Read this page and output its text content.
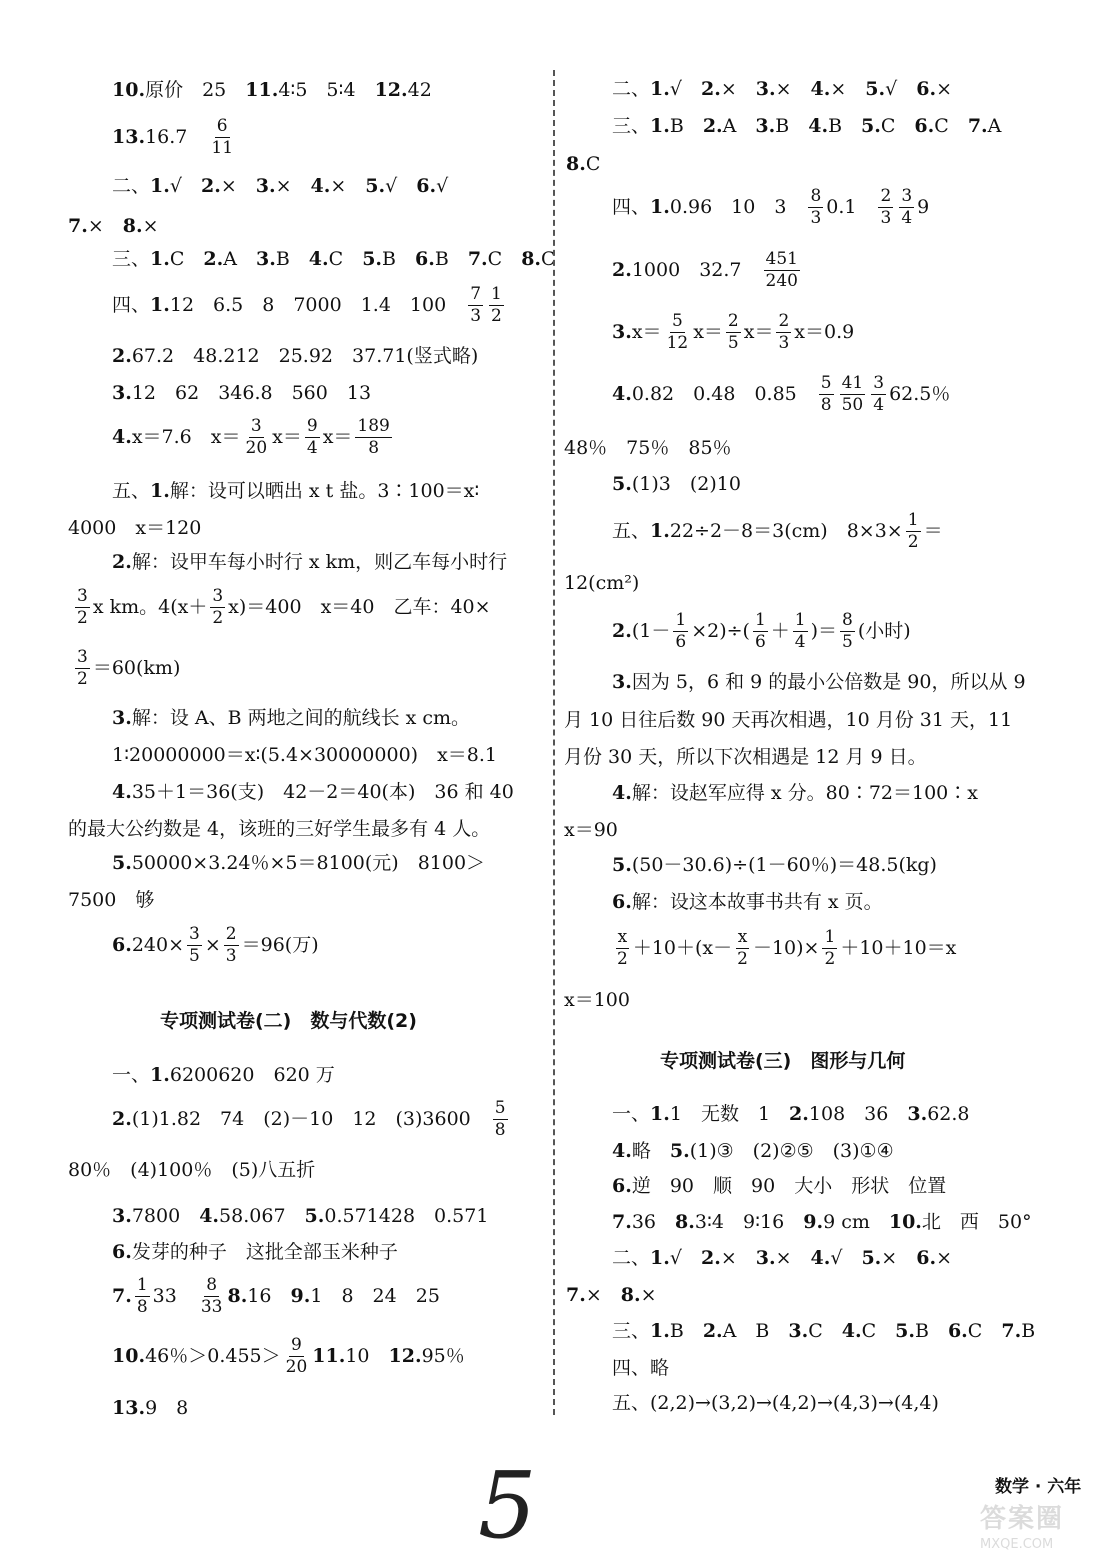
10.原价　25　11.4∶5　5∶4　12.42
13.16.7　 $\frac{6}{11}$
二、1.√　2.×　3.×　4.×　5.√　6.√
7.×　8.×
三、1.C　2.A　3.B　4.C　5.B　6.B　7.C　8.C
四、1.12　6.5　8　7000　1.4　100　 $\frac{7}{3} \frac{1}{2}$
2.67.2　48.212　25.92　37.71(竖式略)
3.12　62　346.8　560　13
4.x＝7.6　$x= \frac{3}{20} x= \frac{9}{4} x= \frac{189}{8}$
五、1.解：设可以晒出 x t 盐。3∶100＝x∶
4000　x＝120
2.解：设甲车每小时行 x km，则乙车每小时行
$\frac{3}{2}$ x km。$4(x+ \frac{3}{2} x)=400$　x＝40　乙车：40×
$\frac{3}{2} =60(km)$
3.解：设 A、B 两地之间的航线长 x cm。
1∶20000000＝x∶(5.4×30000000)　x＝8.1
4.35＋1＝36(支)　42－2＝40(本)　36 和 40
的最大公约数是 4，该班的三好学生最多有 4 人。
5.50000×3.24％×5＝8100(元)　8100＞
7500　够
$6.240\times \frac{3}{5} \times \frac{2}{3} =96$(万)
一、1.6200620　620 万
2.(1)1.82　74　(2)－10　12　(3)3600　 $\frac{5}{8}$
80％　(4)100％　(5)八五折
3.7800　4.58.067　5.0.571428　0.571
6.发芽的种子　这批全部玉米种子
7. $\frac{1}{8} 33$　 $\frac{8}{33} 8.16$　9.1　8　24　25
10.46％$>0.455> \frac{9}{20} 11.10$　12.95％
13.9　8
二、1.√　2.×　3.×　4.×　5.√　6.×
三、1.B　2.A　3.B　4.B　5.C　6.C　7.A
8.C
四、1.0.96　10　3　 $\frac{8}{3} 0.1$　 $\frac{2}{3} \frac{3}{4} 9$
2.1000　32.7　 $\frac{451}{240}$
$3.x= \frac{5}{12} x= \frac{2}{5} x= \frac{2}{3} x=0.9$
4.0.82　0.48　0.85　 $\frac{5}{8} \frac{41}{50} \frac{3}{4} 62.5$％
48％　75％　85％
5.(1)3　(2)10
五、1.22÷2－8＝3(cm)　$8\times 3\times \frac{1}{2}$ ＝
12(cm²)
$2.(1- \frac{1}{6} \times 2)\div( \frac{1}{6} + \frac{1}{4}$ )＝ $\frac{8}{5}$ (小时)
3.因为 5，6 和 9 的最小公倍数是 90，所以从 9
月 10 日往后数 90 天再次相遇，10 月份 31 天，11
月份 30 天，所以下次相遇是 12 月 9 日。
4.解：设赵军应得 x 分。80∶72＝100∶x
x＝90
5.(50－30.6)÷(1－60％)＝48.5(kg)
6.解：设这本故事书共有 x 页。
$\frac{x}{2} +10+(x- \frac{x}{2} -10)\times \frac{1}{2} +10+10=x$
x＝100
一、1.1　无数　1　2.108　36　3.62.8
4.略　5.(1)③　(2)②⑤　(3)①④
6.逆　90　顺　90　大小　形状　位置
7.36　8.3∶4　9∶16　9.9 cm　10.北　西　50°
二、1.√　2.×　3.×　4.√　5.×　6.×
7.×　8.×
三、1.B　2.A　B　3.C　4.C　5.B　6.C　7.B
四、略
五、(2,2)→(3,2)→(4,2)→(4,3)→(4,4)
专项测试卷(二)　数与代数(2)
专项测试卷(三)　图形与几何
数学 · 六年
5	答案圈
MXQE.COM
